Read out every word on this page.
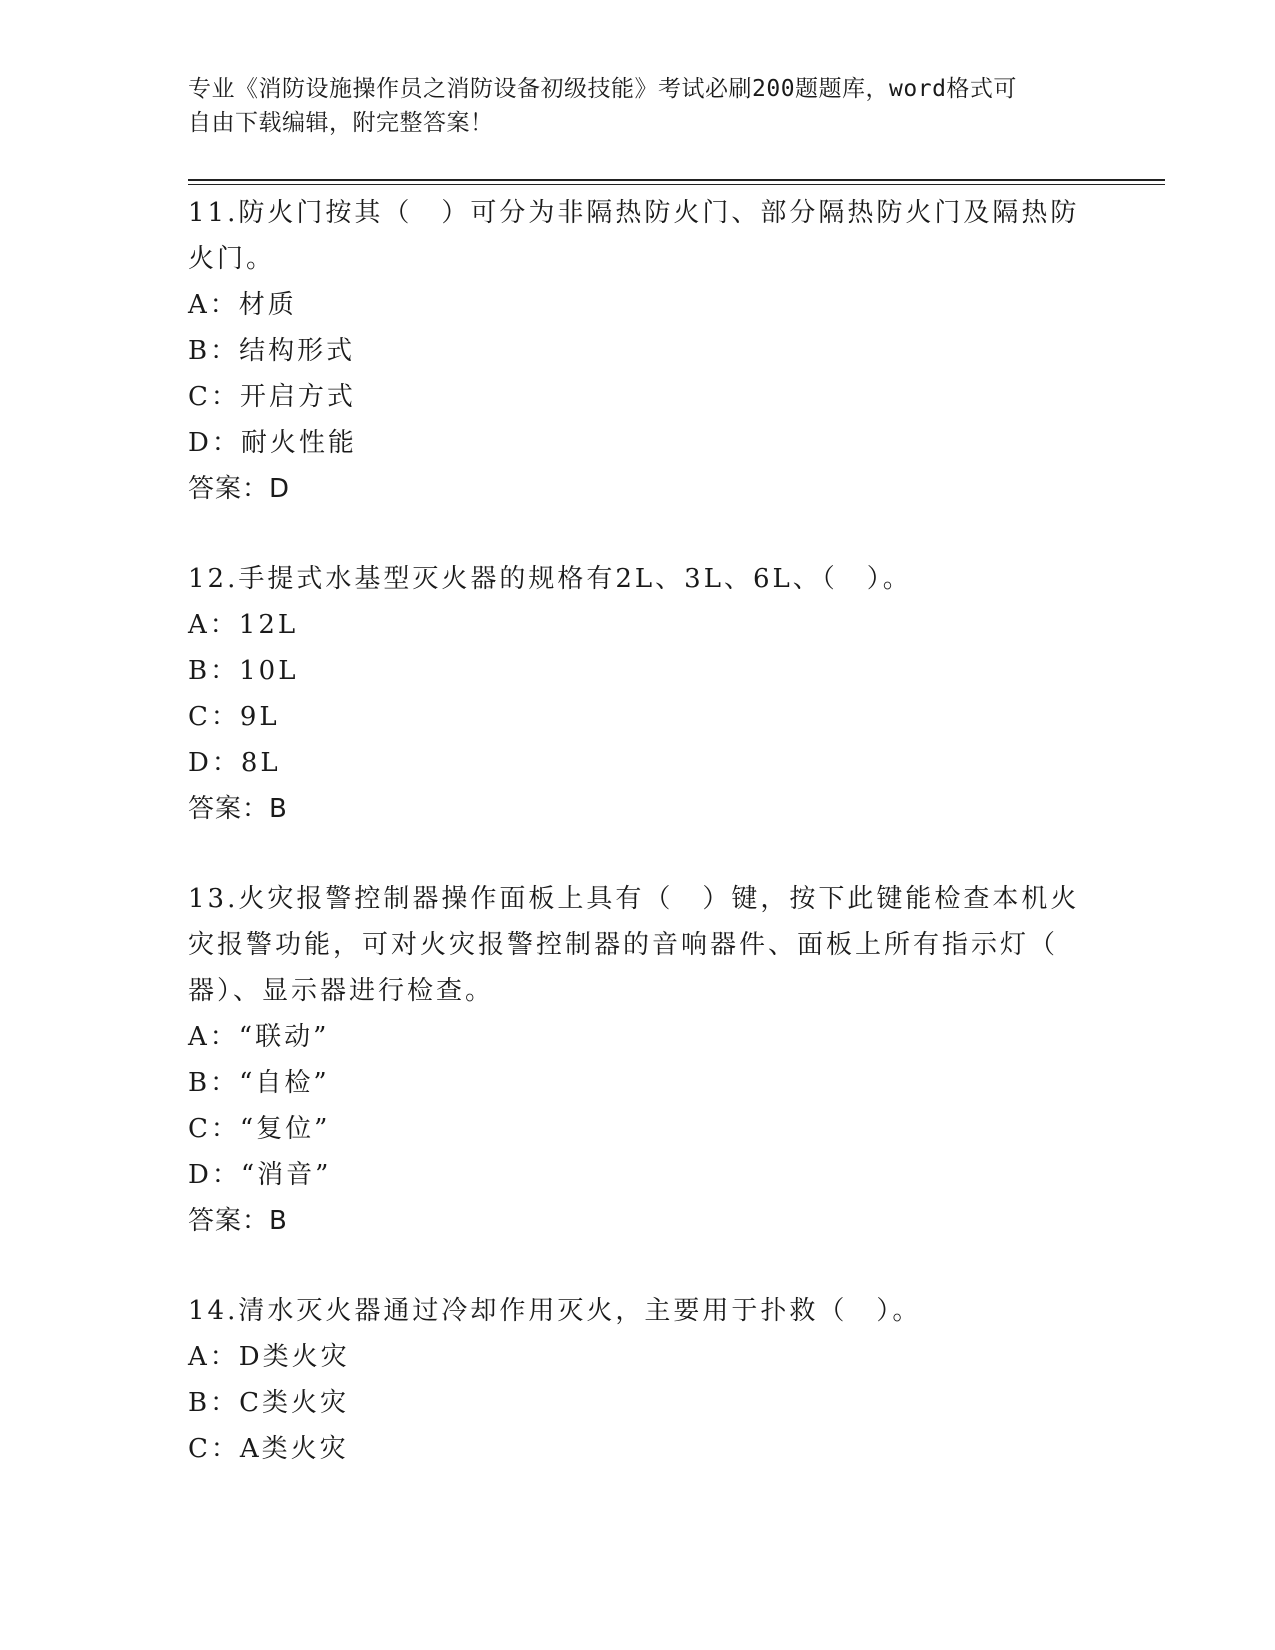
专业《消防设施操作员之消防设备初级技能》考试必刷200题题库，word格式可
自由下载编辑，附完整答案！
11.防火门按其（　）可分为非隔热防火门、部分隔热防火门及隔热防
火门。
A：材质
B：结构形式
C：开启方式
D：耐火性能
答案：D
12.手提式水基型灭火器的规格有2L、3L、6L、（　）。
A：12L
B：10L
C：9L
D：8L
答案：B
13.火灾报警控制器操作面板上具有（　）键，按下此键能检查本机火
灾报警功能，可对火灾报警控制器的音响器件、面板上所有指示灯（
器）、显示器进行检查。
A：“联动”
B：“自检”
C：“复位”
D：“消音”
答案：B
14.清水灭火器通过冷却作用灭火，主要用于扑救（　）。
A：D类火灾
B：C类火灾
C：A类火灾
